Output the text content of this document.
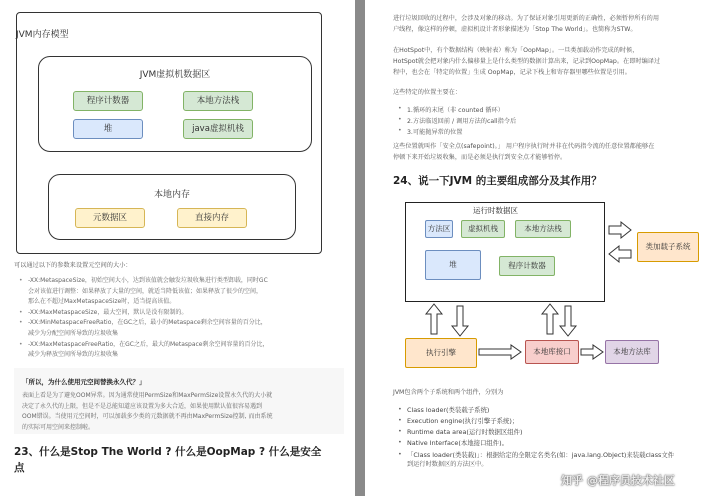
JVM内存模型
JVM虚拟机数据区
程序计数器	本地方法栈
堆	java虚拟机栈
本地内存
元数据区	直接内存
可以通过以下的参数来设置元空间的大小：
• -XX:MetaspaceSize，初始空间大小，达到该值就会触发垃圾收集进行类型卸载，同时GC
会对该值进行调整：如果释放了大量的空间，就适当降低该值；如果释放了很少的空间，
那么在不超过MaxMetaspaceSize时，适当提高该值。
• -XX:MaxMetaspaceSize，最大空间，默认是没有限制的。
• -XX:MinMetaspaceFreeRatio，在GC之后，最小的Metaspace剩余空间容量的百分比，
减少为分配空间所导致的垃圾收集
• -XX:MaxMetaspaceFreeRatio，在GC之后，最大的Metaspace剩余空间容量的百分比，
减少为释放空间所导致的垃圾收集
「所以，为什么使用元空间替换永久代？」
表面上看是为了避免OOM异常。因为通常使用PermSize和MaxPermSize设置永久代的大小就
决定了永久代的上限，但是不是总能知道应该设置为多大合适，如果使用默认值很容易遇到
OOM错误。当使用元空间时，可以加载多少类的元数据就不再由MaxPermSize控制, 而由系统
的实际可用空间来控制啦。
23、什么是Stop The World ? 什么是OopMap ? 什么是安全
点
进行垃圾回收的过程中，会涉及对象的移动。为了保证对象引用更新的正确性，必须暂停所有的用
户线程，像这样的停顿，虚拟机设计者形象描述为「Stop The World」。也简称为STW。
在HotSpot中，有个数据结构（映射表）称为「OopMap」。一旦类加载动作完成的时候，
HotSpot就会把对象内什么偏移量上是什么类型的数据计算出来，记录到OopMap。在即时编译过
程中，也会在「特定的位置」生成 OopMap，记录下栈上和寄存器里哪些位置是引用。
这些特定的位置主要在：
• 1.循环的末尾（非 counted 循环）
• 2.方法临返回前 / 调用方法的call指令后
• 3.可能抛异常的位置
这些位置就叫作「安全点(safepoint)。」 用户程序执行时并非在代码指令流的任意位置都能够在
停顿下来开始垃圾收集，而是必须是执行到安全点才能够暂停。
24、说一下JVM 的主要组成部分及其作用？
运行时数据区
方法区	虚拟机栈	本地方法栈
堆	程序计数器
类加载子系统
执行引擎	本地库接口	本地方法库
JVM包含两个子系统和两个组件，分别为
• Class loader(类装载子系统)
• Execution engine(执行引擎子系统)；
• Runtime data area(运行时数据区组件)
• Native Interface(本地接口组件)。
• 「Class loader(类装载)」：根据给定的全限定名类名(如：java.lang.Object)来装载class文件
到运行时数据区的方法区中。
知乎 @程序员技术社区
